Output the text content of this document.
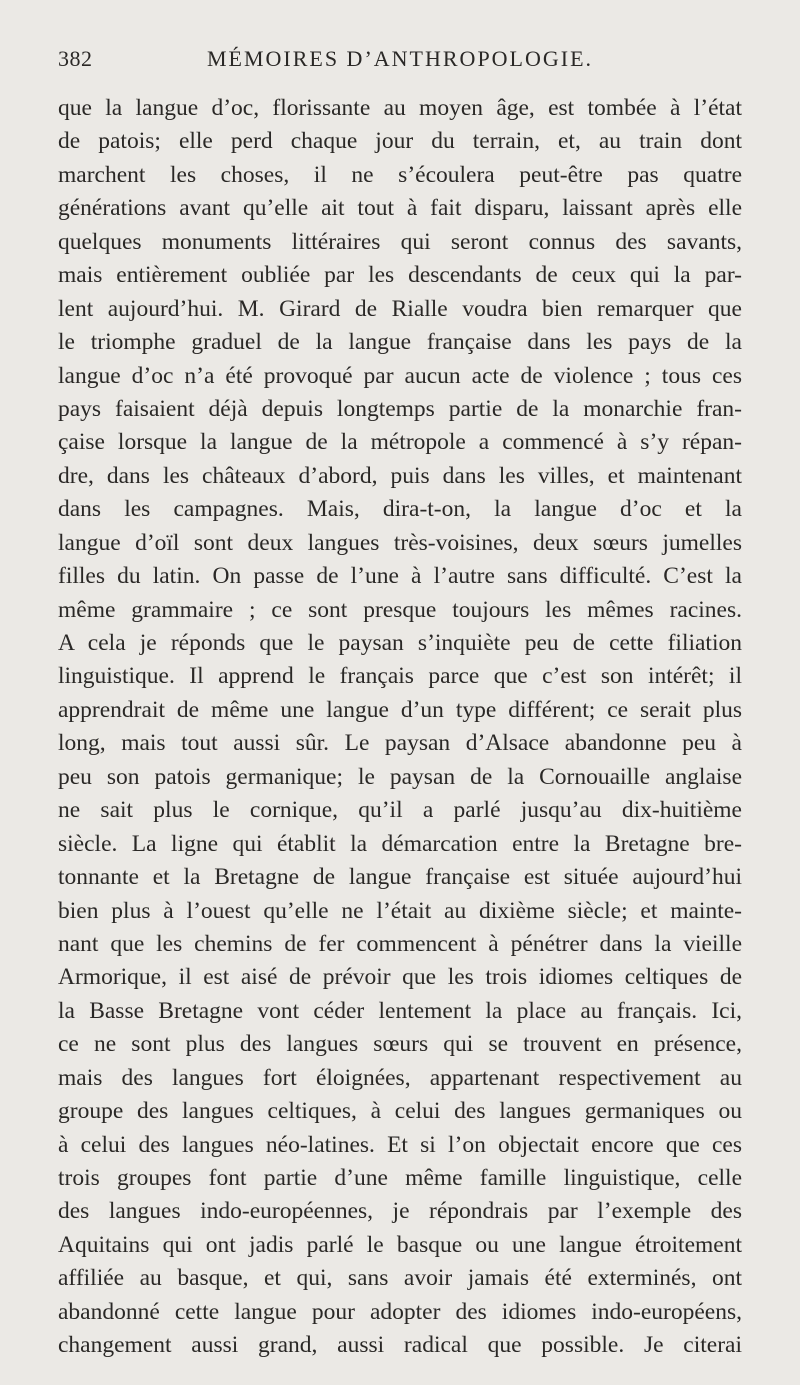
382	MÉMOIRES D’ANTHROPOLOGIE.
que la langue d’oc, florissante au moyen âge, est tombée à l’état
de patois; elle perd chaque jour du terrain, et, au train dont
marchent les choses, il ne s’écoulera peut-être pas quatre
générations avant qu’elle ait tout à fait disparu, laissant après elle
quelques monuments littéraires qui seront connus des savants,
mais entièrement oubliée par les descendants de ceux qui la par-
lent aujourd’hui. M. Girard de Rialle voudra bien remarquer que
le triomphe graduel de la langue française dans les pays de la
langue d’oc n’a été provoqué par aucun acte de violence ; tous ces
pays faisaient déjà depuis longtemps partie de la monarchie fran-
çaise lorsque la langue de la métropole a commencé à s’y répan-
dre, dans les châteaux d’abord, puis dans les villes, et maintenant
dans les campagnes. Mais, dira-t-on, la langue d’oc et la
langue d’oïl sont deux langues très-voisines, deux sœurs jumelles
filles du latin. On passe de l’une à l’autre sans difficulté. C’est la
même grammaire ; ce sont presque toujours les mêmes racines.
A cela je réponds que le paysan s’inquiète peu de cette filiation
linguistique. Il apprend le français parce que c’est son intérêt; il
apprendrait de même une langue d’un type différent; ce serait plus
long, mais tout aussi sûr. Le paysan d’Alsace abandonne peu à
peu son patois germanique; le paysan de la Cornouaille anglaise
ne sait plus le cornique, qu’il a parlé jusqu’au dix-huitième
siècle. La ligne qui établit la démarcation entre la Bretagne bre-
tonnante et la Bretagne de langue française est située aujourd’hui
bien plus à l’ouest qu’elle ne l’était au dixième siècle; et mainte-
nant que les chemins de fer commencent à pénétrer dans la vieille
Armorique, il est aisé de prévoir que les trois idiomes celtiques de
la Basse Bretagne vont céder lentement la place au français. Ici,
ce ne sont plus des langues sœurs qui se trouvent en présence,
mais des langues fort éloignées, appartenant respectivement au
groupe des langues celtiques, à celui des langues germaniques ou
à celui des langues néo-latines. Et si l’on objectait encore que ces
trois groupes font partie d’une même famille linguistique, celle
des langues indo-européennes, je répondrais par l’exemple des
Aquitains qui ont jadis parlé le basque ou une langue étroitement
affiliée au basque, et qui, sans avoir jamais été exterminés, ont
abandonné cette langue pour adopter des idiomes indo-européens,
changement aussi grand, aussi radical que possible. Je citerai
